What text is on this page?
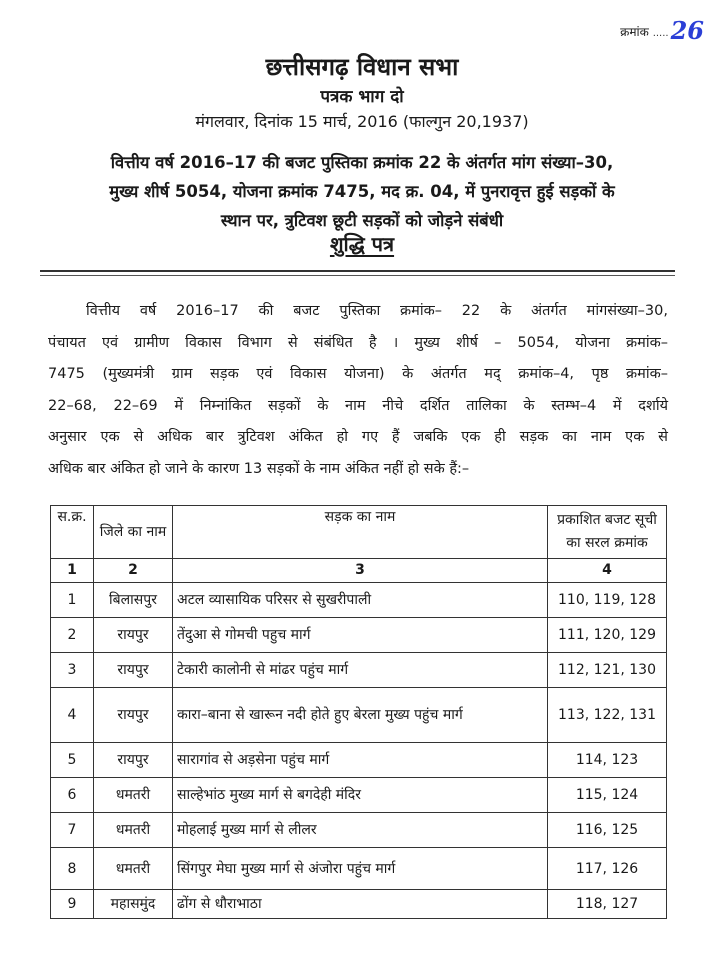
क्रमांक .....26
छत्तीसगढ़ विधान सभा
पत्रक भाग दो
मंगलवार, दिनांक 15 मार्च, 2016 (फाल्गुन 20,1937)
वित्तीय वर्ष 2016–17 की बजट पुस्तिका क्रमांक 22 के अंतर्गत मांग संख्या–30,
मुख्य शीर्ष 5054, योजना क्रमांक 7475, मद क्र. 04, में पुनरावृत्त हुई सड़कों के
स्थान पर, त्रुटिवश छूटी सड़कों को जोड़ने संबंधी
शुद्धि पत्र
वित्तीय वर्ष 2016–17 की बजट पुस्तिका क्रमांक– 22 के अंतर्गत मांगसंख्या–30,
पंचायत एवं ग्रामीण विकास विभाग से संबंधित है । मुख्य शीर्ष – 5054, योजना क्रमांक–
7475 (मुख्यमंत्री ग्राम सड़क एवं विकास योजना) के अंतर्गत मद् क्रमांक–4, पृष्ठ क्रमांक–
22–68, 22–69 में निम्नांकित सड़कों के नाम नीचे दर्शित तालिका के स्तम्भ–4 में दर्शाये
अनुसार एक से अधिक बार त्रुटिवश अंकित हो गए हैं जबकि एक ही सड़क का नाम एक से
अधिक बार अंकित हो जाने के कारण 13 सड़कों के नाम अंकित नहीं हो सके हैं:–
स.क्र.	जिले का नाम	सड़क का नाम	प्रकाशित बजट सूची का सरल क्रमांक
1	2	3	4
1	बिलासपुर	अटल व्यासायिक परिसर से सुखरीपाली	110, 119, 128
2	रायपुर	तेंदुआ से गोमची पहुच मार्ग	111, 120, 129
3	रायपुर	टेकारी कालोनी से मांढर पहुंच मार्ग	112, 121, 130
4	रायपुर	कारा–बाना से खारून नदी होते हुए बेरला मुख्य पहुंच मार्ग	113, 122, 131
5	रायपुर	सारागांव से अड़सेना पहुंच मार्ग	114, 123
6	धमतरी	साल्हेभांठ मुख्य मार्ग से बगदेही मंदिर	115, 124
7	धमतरी	मोहलाई मुख्य मार्ग से लीलर	116, 125
8	धमतरी	सिंगपुर मेघा मुख्य मार्ग से अंजोरा पहुंच मार्ग	117, 126
9	महासमुंद	ढोंग से धौराभाठा	118, 127
